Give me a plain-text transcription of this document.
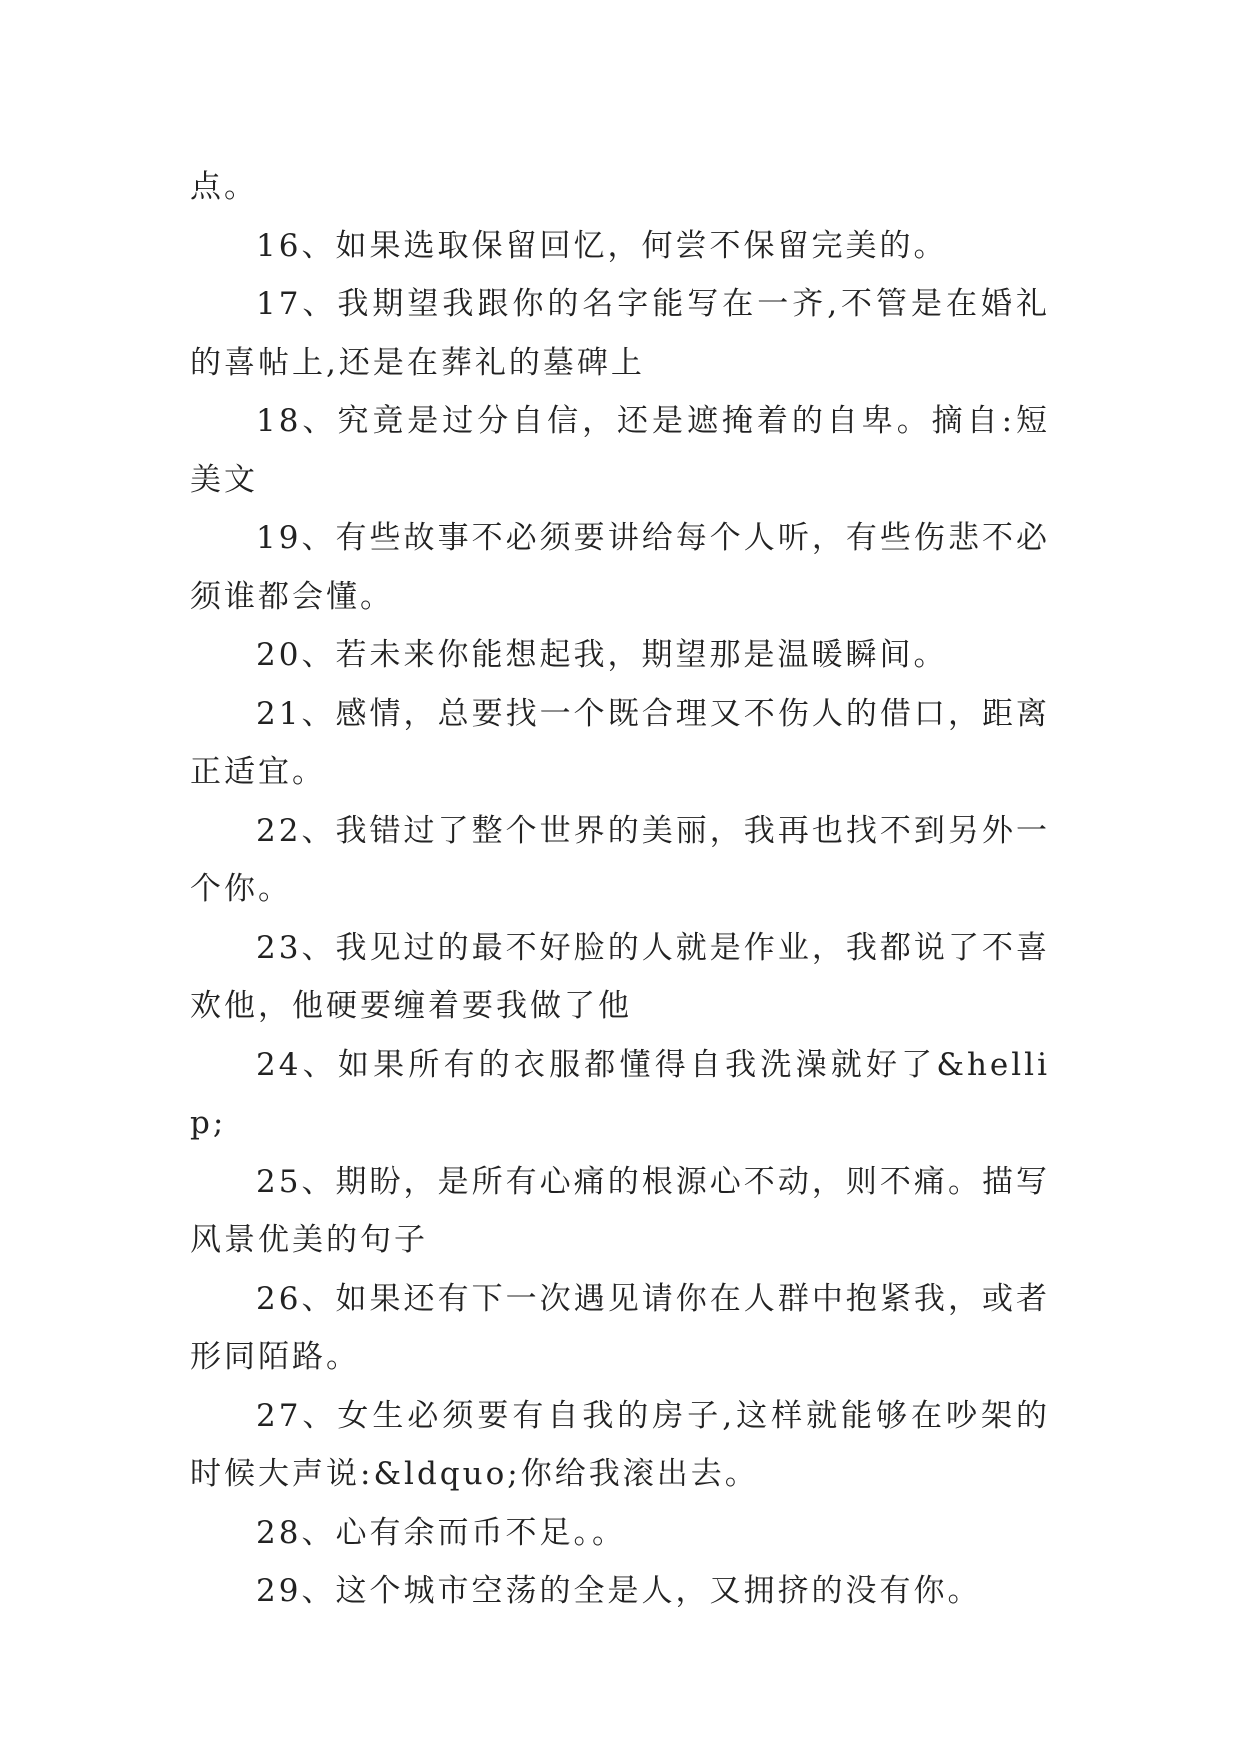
点。

16、如果选取保留回忆，何尝不保留完美的。

17、我期望我跟你的名字能写在一齐,不管是在婚礼的喜帖上,还是在葬礼的墓碑上

18、究竟是过分自信，还是遮掩着的自卑。摘自:短美文

19、有些故事不必须要讲给每个人听，有些伤悲不必须谁都会懂。

20、若未来你能想起我，期望那是温暖瞬间。

21、感情，总要找一个既合理又不伤人的借口，距离正适宜。

22、我错过了整个世界的美丽，我再也找不到另外一个你。

23、我见过的最不好脸的人就是作业，我都说了不喜欢他，他硬要缠着要我做了他

24、如果所有的衣服都懂得自我洗澡就好了&hellip;

25、期盼，是所有心痛的根源心不动，则不痛。描写风景优美的句子

26、如果还有下一次遇见请你在人群中抱紧我，或者形同陌路。

27、女生必须要有自我的房子,这样就能够在吵架的时候大声说:&ldquo;你给我滚出去。

28、心有余而币不足。。

29、这个城市空荡的全是人，又拥挤的没有你。
